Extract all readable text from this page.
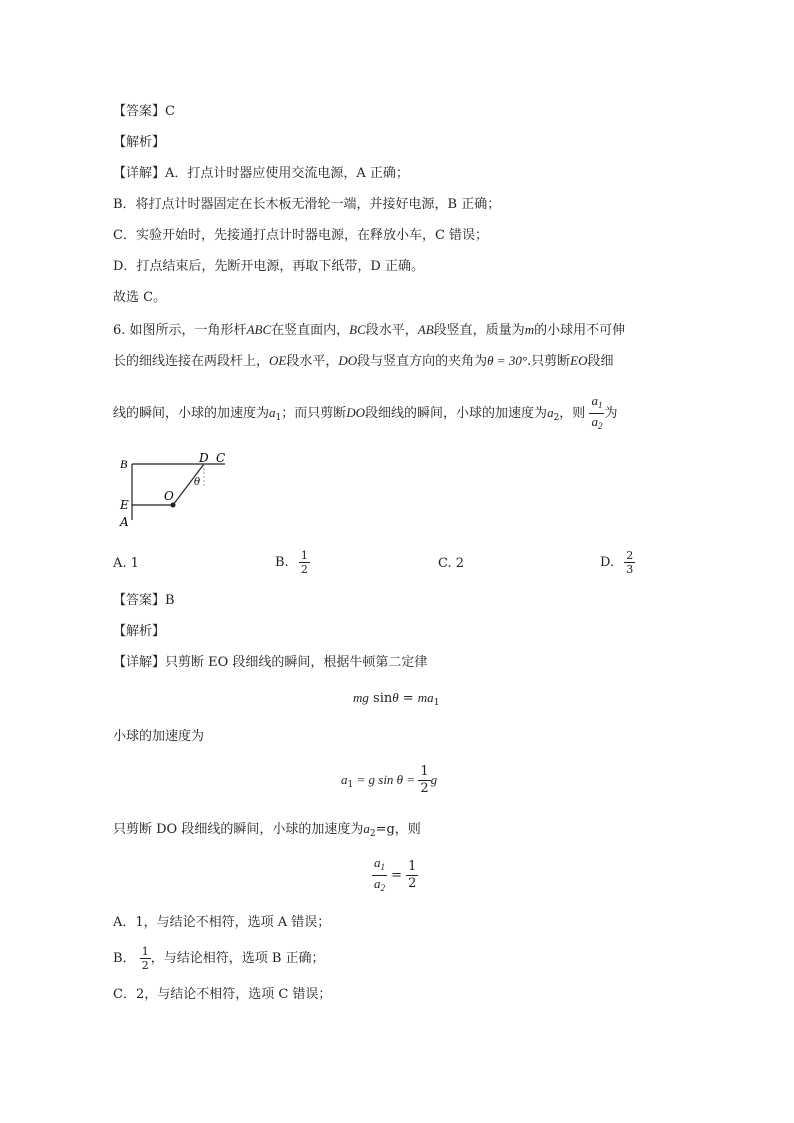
【答案】C
【解析】
【详解】A．打点计时器应使用交流电源，A 正确；
B．将打点计时器固定在长木板无滑轮一端，并接好电源，B 正确；
C．实验开始时，先接通打点计时器电源，在释放小车，C 错误；
D．打点结束后，先断开电源，再取下纸带，D 正确。
故选 C。
6. 如图所示，一角形杆ABC在竖直面内，BC段水平，AB段竖直，质量为m的小球用不可伸
长的细线连接在两段杆上，OE段水平，DO段与竖直方向的夹角为θ = 30°.只剪断EO段细
线的瞬间，小球的加速度为$a_1$；而只剪断DO段细线的瞬间，小球的加速度为$a_2$，则 $\frac{a_1}{a_2}$ 为
B	D C
O
E
A
θ
A. 1	B. $\frac{1}{2}$	C. 2	D. $\frac{2}{3}$
【答案】B
【解析】
【详解】只剪断 EO 段细线的瞬间，根据牛顿第二定律
mg $\sin\theta = ma_1$
小球的加速度为
$a_1 = g$ $\sin \theta = \frac{1}{2}$ g
只剪断 DO 段细线的瞬间，小球的加速度为$a_2=g$，则
$\frac{a_1}{a_2} = \frac{1}{2}$
A．1，与结论不相符，选项 A 错误；
B． $\frac{1}{2}$ ，与结论相符，选项 B 正确；
C．2，与结论不相符，选项 C 错误；
